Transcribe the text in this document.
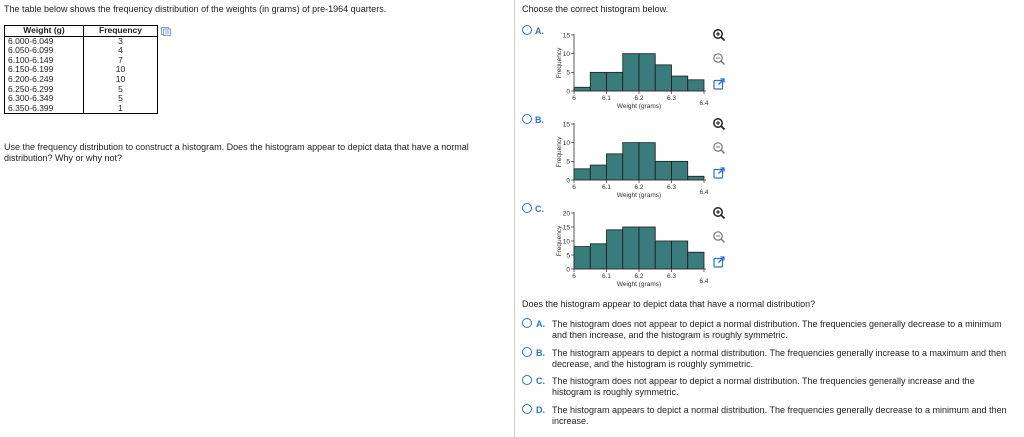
The table below shows the frequency distribution of the weights (in grams) of pre-1964 quarters.
Weight (g)	Frequency
6.000-6.049	3
6.050-6.099	4
6.100-6.149	7
6.150-6.199	10
6.200-6.249	10
6.250-6.299	5
6.300-6.349	5
6.350-6.399	1
Use the frequency distribution to construct a histogram. Does the histogram appear to depict data that have a normal distribution? Why or why not?
Choose the correct histogram below.
A.
Frequency
15
10
5
0
6	6.1	6.2	6.3
6.4
Weight (grams)
B.
Frequency
15
10
5
0
6	6.1	6.2	6.3
6.4
Weight (grams)
C.
Frequency
20
15
10
5
0
6	6.1	6.2	6.3
6.4
Weight (grams)
Does the histogram appear to depict data that have a normal distribution?
A. The histogram does not appear to depict a normal distribution. The frequencies generally decrease to a minimum and then increase, and the histogram is roughly symmetric.
B. The histogram appears to depict a normal distribution. The frequencies generally increase to a maximum and then decrease, and the histogram is roughly symmetric.
C. The histogram does not appear to depict a normal distribution. The frequencies generally increase and the histogram is roughly symmetric.
D. The histogram appears to depict a normal distribution. The frequencies generally decrease to a minimum and then increase.
